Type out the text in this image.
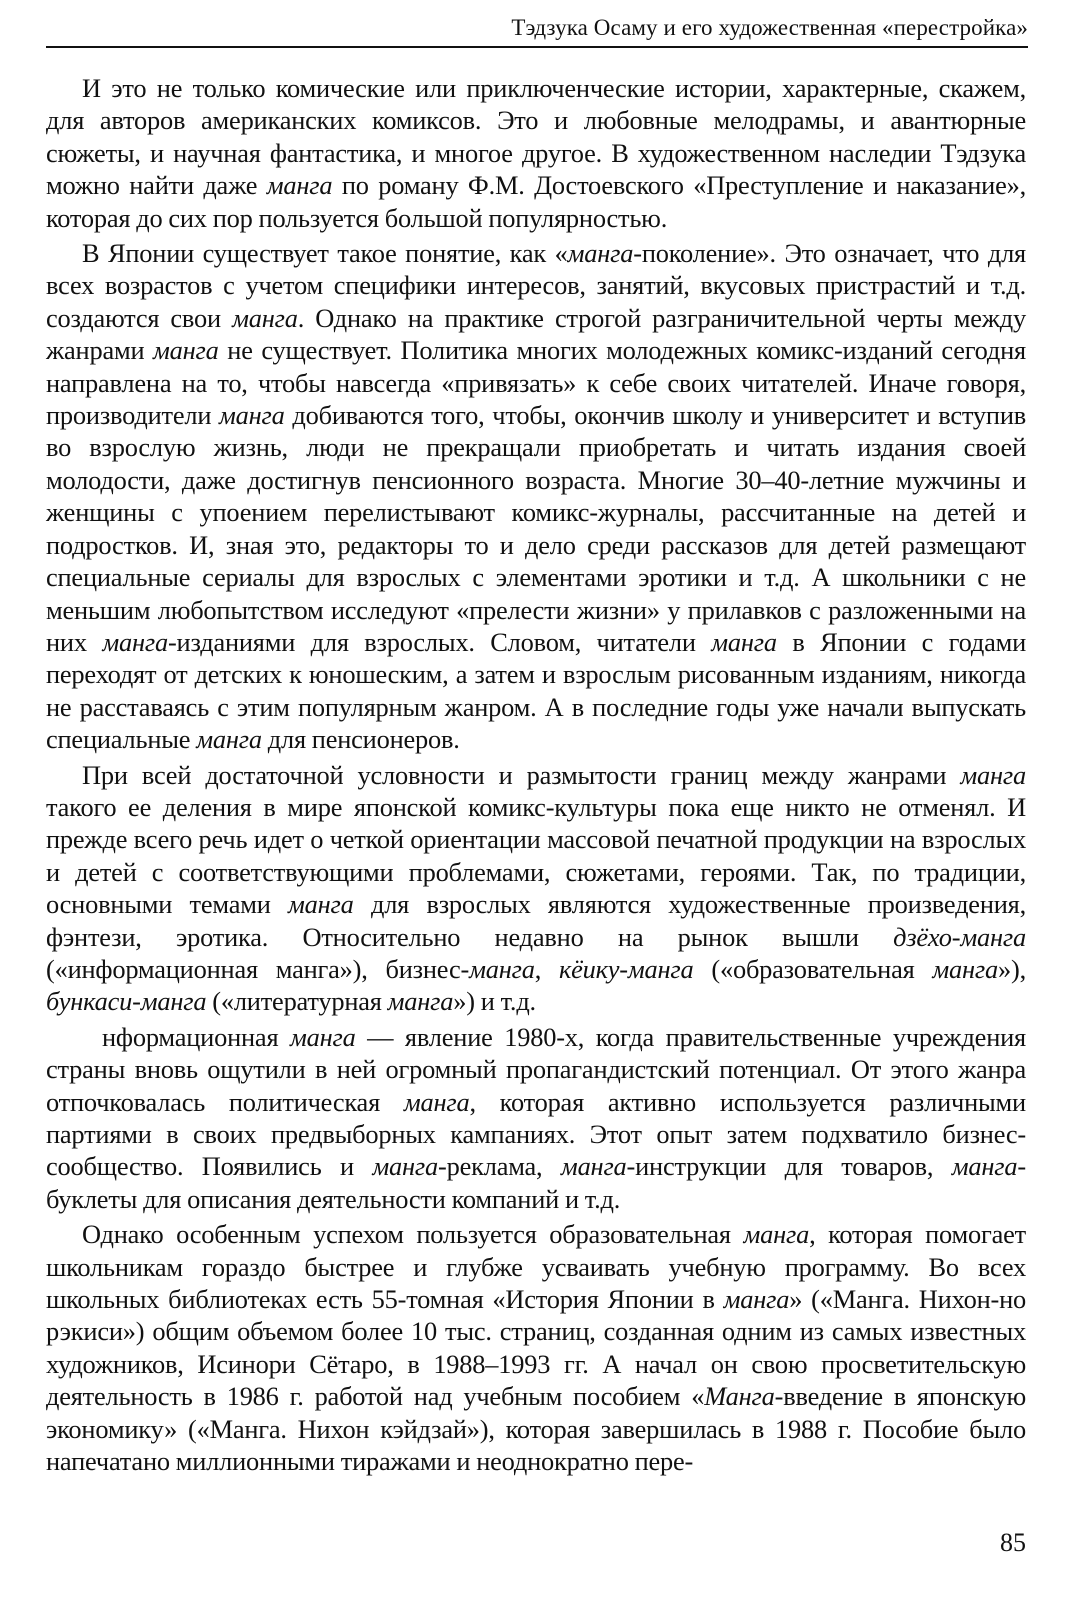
Тэдзука Осаму и его художественная «перестройка»

И это не только комические или приключенческие истории, характерные, скажем, для авторов американских комиксов. Это и любовные мелодрамы, и авантюрные сюжеты, и научная фантастика, и многое другое. В художественном наследии Тэдзука можно найти даже манга по роману Ф.М. Достоевского «Преступление и наказание», которая до сих пор пользуется большой популярностью.

В Японии существует такое понятие, как «манга-поколение». Это означает, что для всех возрастов с учетом специфики интересов, занятий, вкусовых пристрастий и т.д. создаются свои манга. Однако на практике строгой разграничительной черты между жанрами манга не существует. Политика многих молодежных комикс-изданий сегодня направлена на то, чтобы навсегда «привязать» к себе своих читателей. Иначе говоря, производители манга добиваются того, чтобы, окончив школу и университет и вступив во взрослую жизнь, люди не прекращали приобретать и читать издания своей молодости, даже достигнув пенсионного возраста. Многие 30–40-летние мужчины и женщины с упоением перелистывают комикс-журналы, рассчитанные на детей и подростков. И, зная это, редакторы то и дело среди рассказов для детей размещают специальные сериалы для взрослых с элементами эротики и т.д. А школьники с не меньшим любопытством исследуют «прелести жизни» у прилавков с разложенными на них манга-изданиями для взрослых. Словом, читатели манга в Японии с годами переходят от детских к юношеским, а затем и взрослым рисованным изданиям, никогда не расставаясь с этим популярным жанром. А в последние годы уже начали выпускать специальные манга для пенсионеров.

При всей достаточной условности и размытости границ между жанрами манга такого ее деления в мире японской комикс-культуры пока еще никто не отменял. И прежде всего речь идет о четкой ориентации массовой печатной продукции на взрослых и детей с соответствующими проблемами, сюжетами, героями. Так, по традиции, основными темами манга для взрослых являются художественные произведения, фэнтези, эротика. Относительно недавно на рынок вышли дзёхо-манга («информационная манга»), бизнес-манга, кёику-манга («образовательная манга»), бункаси-манга («литературная манга») и т.д.

нформационная манга — явление 1980-х, когда правительственные учреждения страны вновь ощутили в ней огромный пропагандистский потенциал. От этого жанра отпочковалась политическая манга, которая активно используется различными партиями в своих предвыборных кампаниях. Этот опыт затем подхватило бизнес-сообщество. Появились и манга-реклама, манга-инструкции для товаров, манга-буклеты для описания деятельности компаний и т.д.

Однако особенным успехом пользуется образовательная манга, которая помогает школьникам гораздо быстрее и глубже усваивать учебную программу. Во всех школьных библиотеках есть 55-томная «История Японии в манга» («Манга. Нихон-но рэкиси») общим объемом более 10 тыс. страниц, созданная одним из самых известных художников, Исинори Сётаро, в 1988–1993 гг. А начал он свою просветительскую деятельность в 1986 г. работой над учебным пособием «Манга-введение в японскую экономику» («Манга. Нихон кэйдзай»), которая завершилась в 1988 г. Пособие было напечатано миллионными тиражами и неоднократно пере-

85
